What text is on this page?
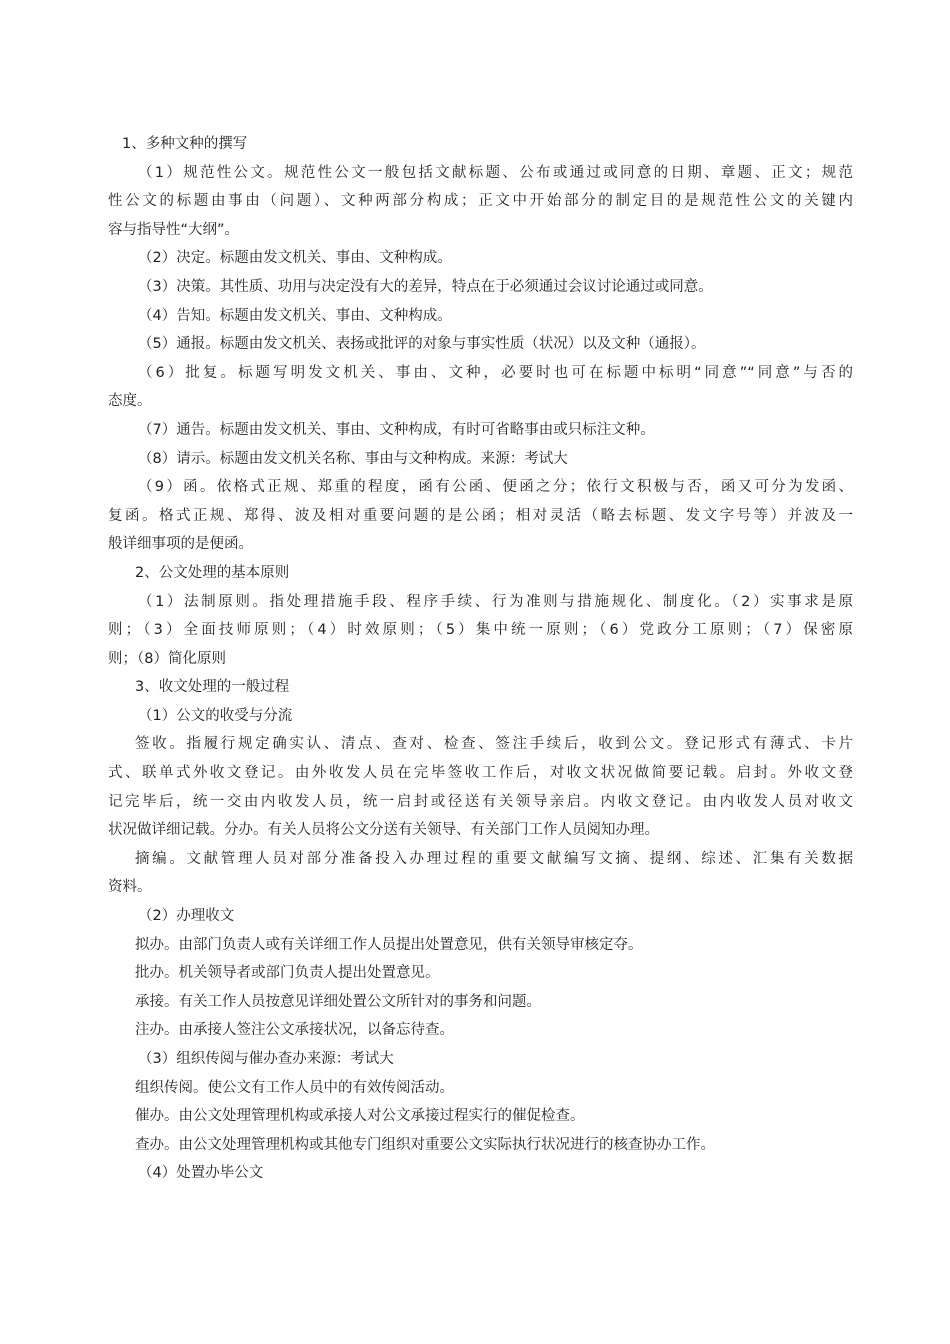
1、多种文种的撰写
（1）规范性公文。规范性公文一般包括文献标题、公布或通过或同意的日期、章题、正文；规范
性公文的标题由事由（问题）、文种两部分构成；正文中开始部分的制定目的是规范性公文的关键内
容与指导性“大纲”。
（2）决定。标题由发文机关、事由、文种构成。
（3）决策。其性质、功用与决定没有大的差异，特点在于必须通过会议讨论通过或同意。
（4）告知。标题由发文机关、事由、文种构成。
（5）通报。标题由发文机关、表扬或批评的对象与事实性质（状况）以及文种（通报）。
（6）批复。标题写明发文机关、事由、文种，必要时也可在标题中标明“同意”“同意”与否的
态度。
（7）通告。标题由发文机关、事由、文种构成，有时可省略事由或只标注文种。
（8）请示。标题由发文机关名称、事由与文种构成。来源：考试大
（9）函。依格式正规、郑重的程度，函有公函、便函之分；依行文积极与否，函又可分为发函、
复函。格式正规、郑得、波及相对重要问题的是公函；相对灵活（略去标题、发文字号等）并波及一
般详细事项的是便函。
2、公文处理的基本原则
（1）法制原则。指处理措施手段、程序手续、行为准则与措施规化、制度化。（2）实事求是原
则；（3）全面技师原则；（4）时效原则；（5）集中统一原则；（6）党政分工原则；（7）保密原
则；（8）简化原则
3、收文处理的一般过程
（1）公文的收受与分流
签收。指履行规定确实认、清点、查对、检查、签注手续后，收到公文。登记形式有薄式、卡片
式、联单式外收文登记。由外收发人员在完毕签收工作后，对收文状况做简要记载。启封。外收文登
记完毕后，统一交由内收发人员，统一启封或径送有关领导亲启。内收文登记。由内收发人员对收文
状况做详细记载。分办。有关人员将公文分送有关领导、有关部门工作人员阅知办理。
摘编。文献管理人员对部分准备投入办理过程的重要文献编写文摘、提纲、综述、汇集有关数据
资料。
（2）办理收文
拟办。由部门负责人或有关详细工作人员提出处置意见，供有关领导审核定夺。
批办。机关领导者或部门负责人提出处置意见。
承接。有关工作人员按意见详细处置公文所针对的事务和问题。
注办。由承接人签注公文承接状况，以备忘待查。
（3）组织传阅与催办查办来源：考试大
组织传阅。使公文有工作人员中的有效传阅活动。
催办。由公文处理管理机构或承接人对公文承接过程实行的催促检查。
查办。由公文处理管理机构或其他专门组织对重要公文实际执行状况进行的核查协办工作。
（4）处置办毕公文
